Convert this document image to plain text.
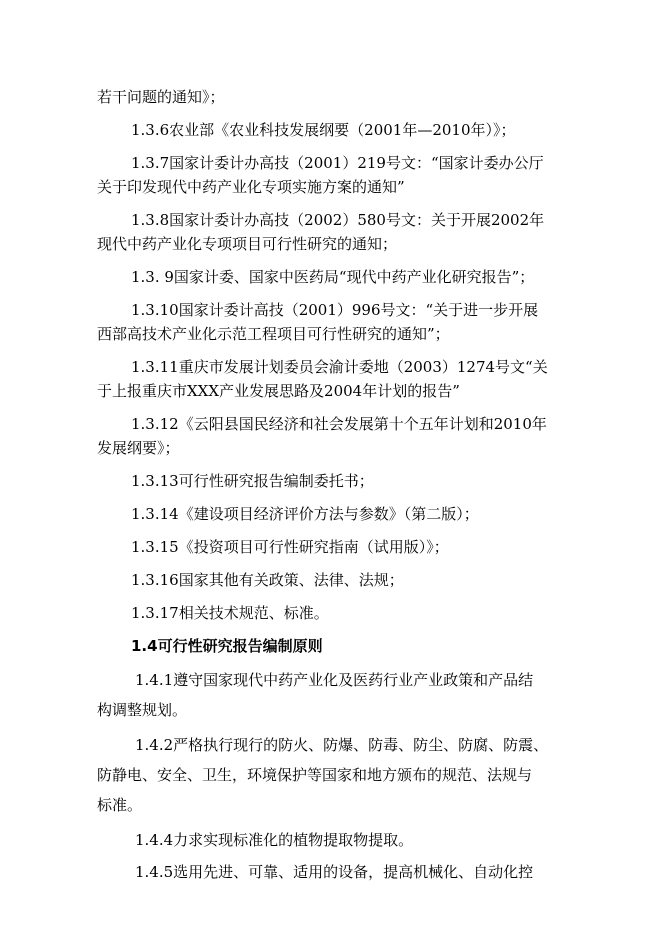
若干问题的通知》；

1.3.6农业部《农业科技发展纲要（2001年—2010年）》；

1.3.7国家计委计办高技（2001）219号文：“国家计委办公厅

关于印发现代中药产业化专项实施方案的通知”

1.3.8国家计委计办高技（2002）580号文：关于开展2002年

现代中药产业化专项项目可行性研究的通知；

1.3. 9国家计委、国家中医药局“现代中药产业化研究报告”；

1.3.10国家计委计高技（2001）996号文：“关于进一步开展

西部高技术产业化示范工程项目可行性研究的通知”；

1.3.11重庆市发展计划委员会渝计委地（2003）1274号文“关

于上报重庆市XXX产业发展思路及2004年计划的报告”

1.3.12《云阳县国民经济和社会发展第十个五年计划和2010年

发展纲要》；

1.3.13可行性研究报告编制委托书；

1.3.14《建设项目经济评价方法与参数》（第二版）；

1.3.15《投资项目可行性研究指南（试用版）》；

1.3.16国家其他有关政策、法律、法规；

1.3.17相关技术规范、标准。

1.4可行性研究报告编制原则

1.4.1遵守国家现代中药产业化及医药行业产业政策和产品结

构调整规划。

1.4.2严格执行现行的防火、防爆、防毒、防尘、防腐、防震、

防静电、安全、卫生，环境保护等国家和地方颁布的规范、法规与

标准。

1.4.4力求实现标准化的植物提取物提取。

1.4.5选用先进、可靠、适用的设备，提高机械化、自动化控
